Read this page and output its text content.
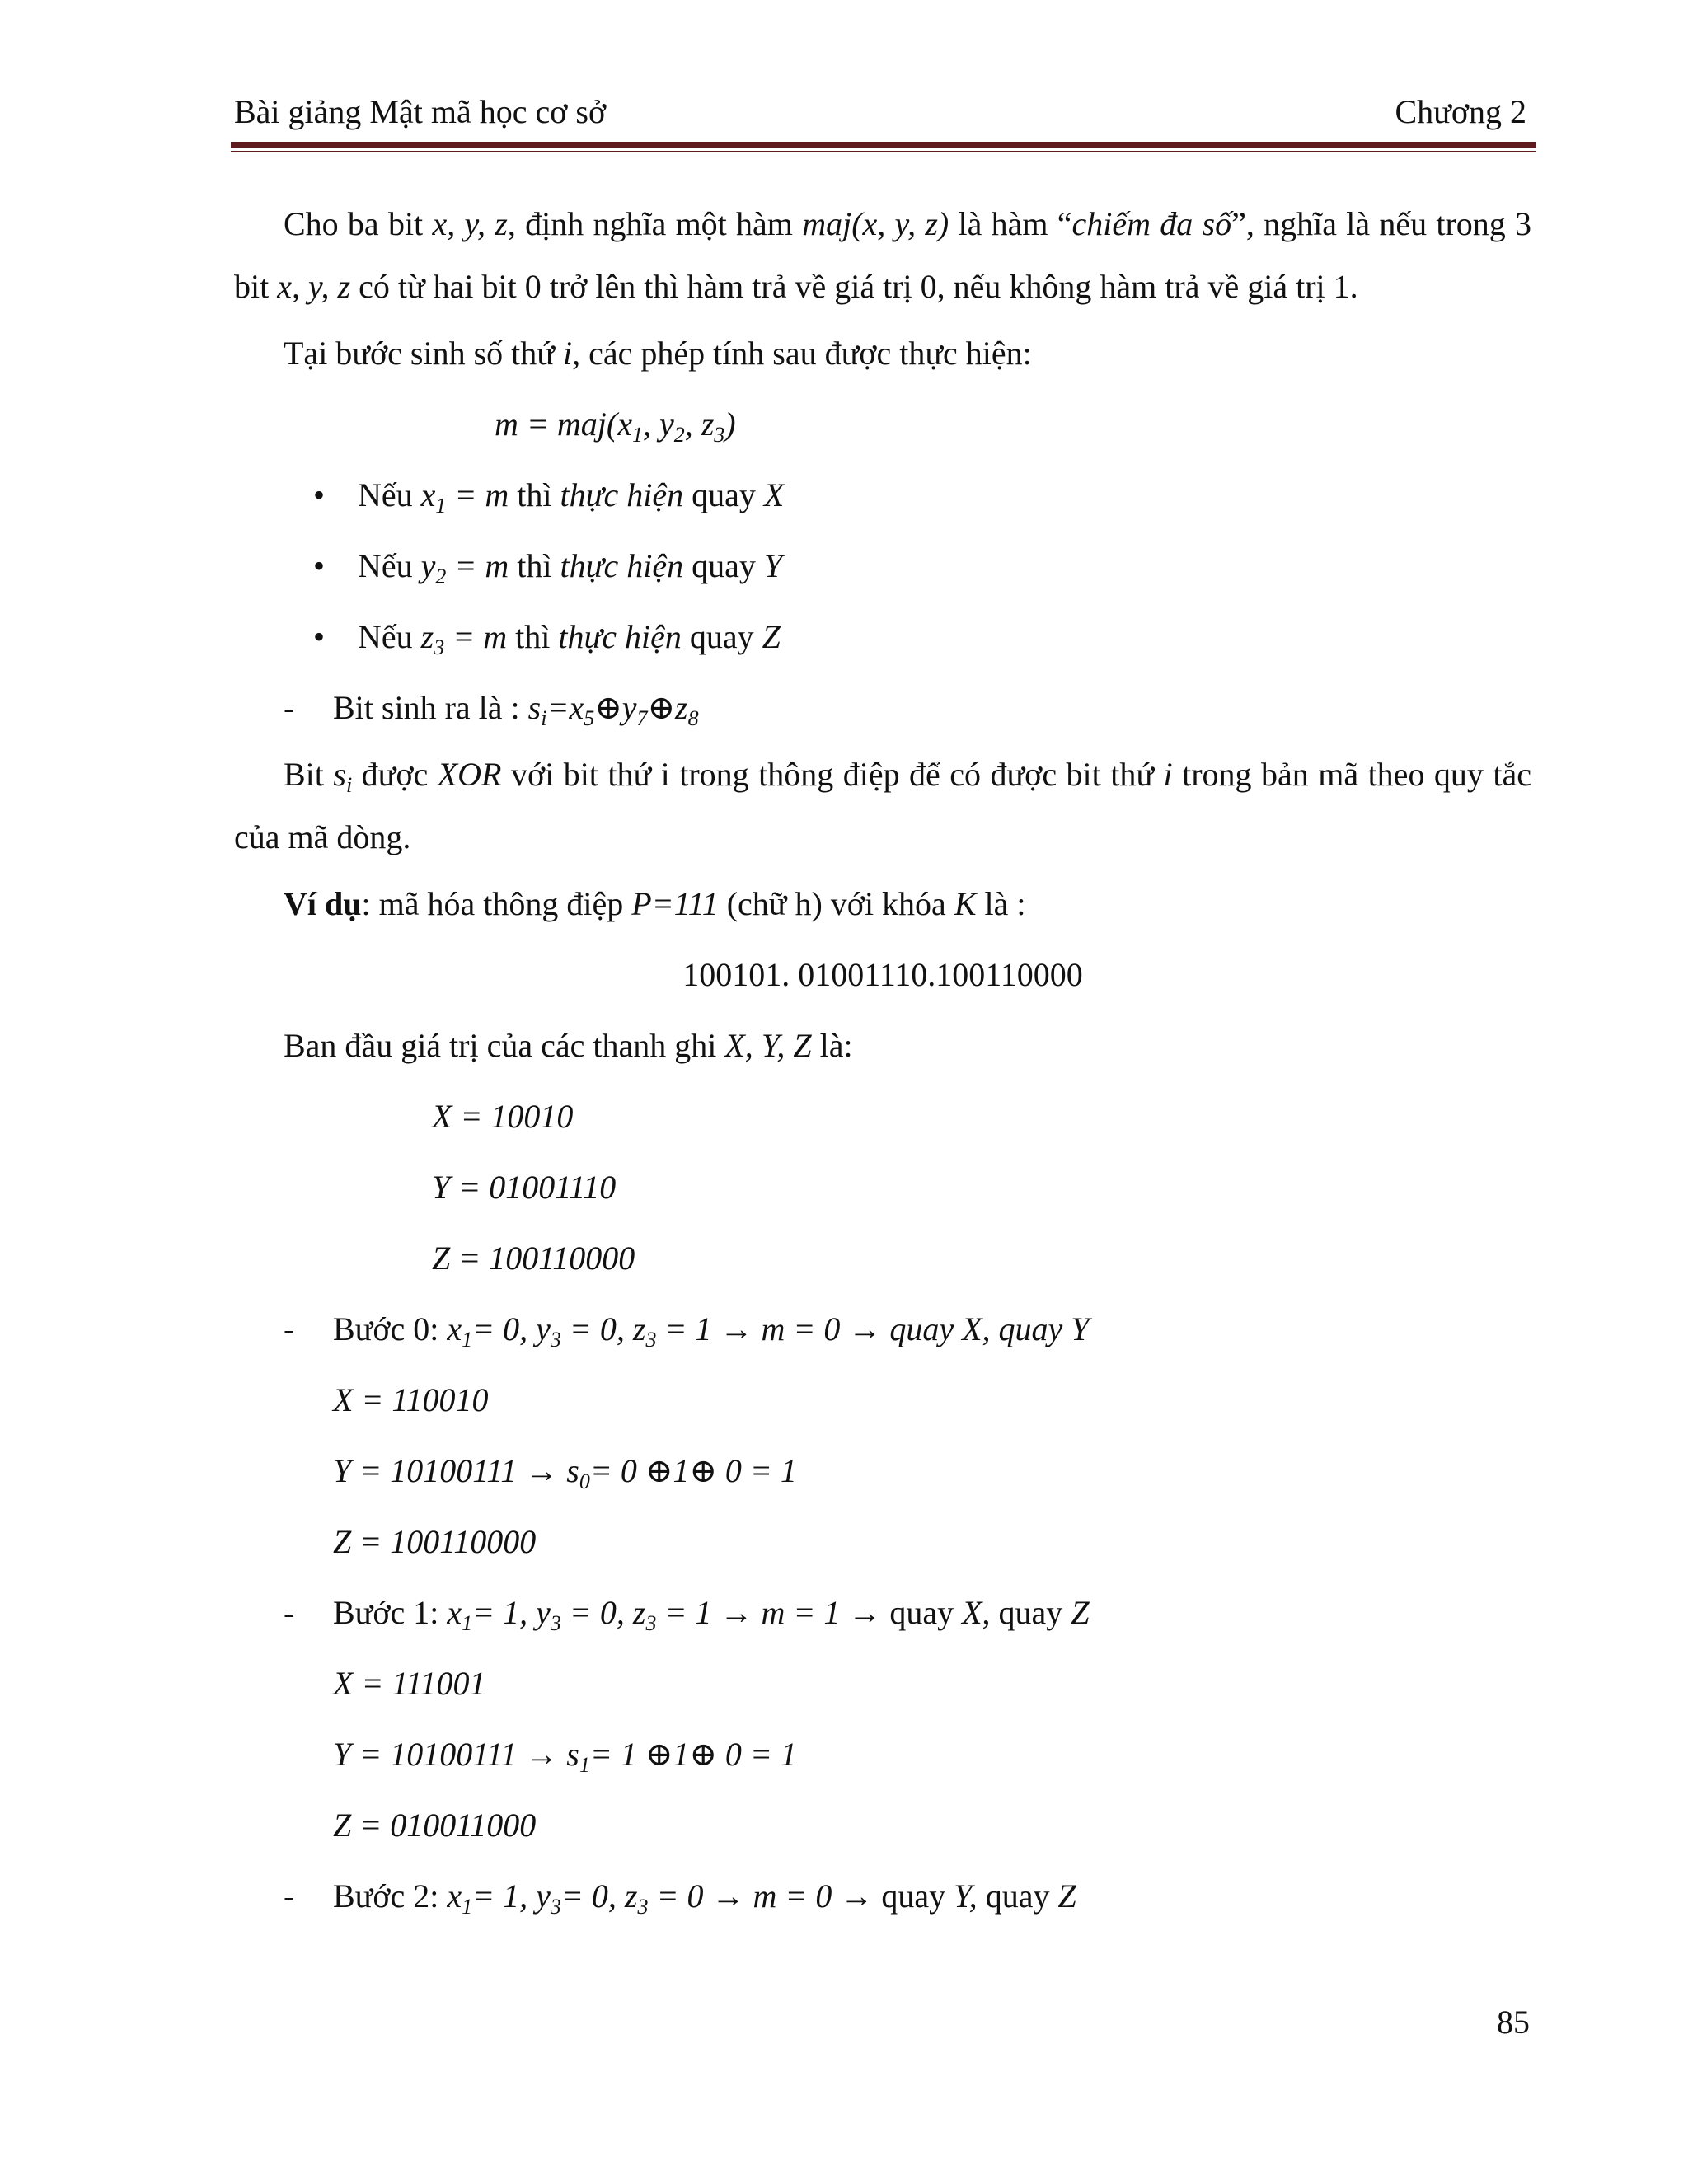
Bài giảng Mật mã học cơ sở	Chương 2

Cho ba bit x, y, z, định nghĩa một hàm maj(x, y, z) là hàm “chiếm đa số”, nghĩa là nếu trong 3 bit x, y, z có từ hai bit 0 trở lên thì hàm trả về giá trị 0, nếu không hàm trả về giá trị 1.

Tại bước sinh số thứ i, các phép tính sau được thực hiện:
$m = maj(x_1$, $y_2$, $z_3$)
• Nếu $x_1 = m$ thì thực hiện quay X
• Nếu $y_2 = m$ thì thực hiện quay Y
• Nếu $z_3 = m$ thì thực hiện quay Z
- Bit sinh ra là : $s_i=x_5\oplus y_7\oplus z_8$

Bit $s_i$ được XOR với bit thứ i trong thông điệp để có được bit thứ i trong bản mã theo quy tắc của mã dòng.

Ví dụ: mã hóa thông điệp P=111 (chữ h) với khóa K là :
100101. 01001110.100110000
Ban đầu giá trị của các thanh ghi X, Y, Z là:
X = 10010
Y = 01001110
Z = 100110000
- Bước 0: $x_1= 0$, $y_3 = 0$, $z_3 = 1 \to m = 0$ → quay X, quay Y
X = 110010
$Y = 10100111 \to s_0= 0$ ⊕1⊕ 0 = 1
Z = 100110000
- Bước 1: $x_1= 1$, $y_3 = 0$, $z_3 = 1 \to m = 1$ → quay X, quay Z
X = 111001
$Y = 10100111 \to s_1= 1$ ⊕1⊕ 0 = 1
Z = 010011000
- Bước 2: $x_1= 1$, $y_3= 0$, $z_3 = 0 \to m = 0$ → quay Y, quay Z
85
